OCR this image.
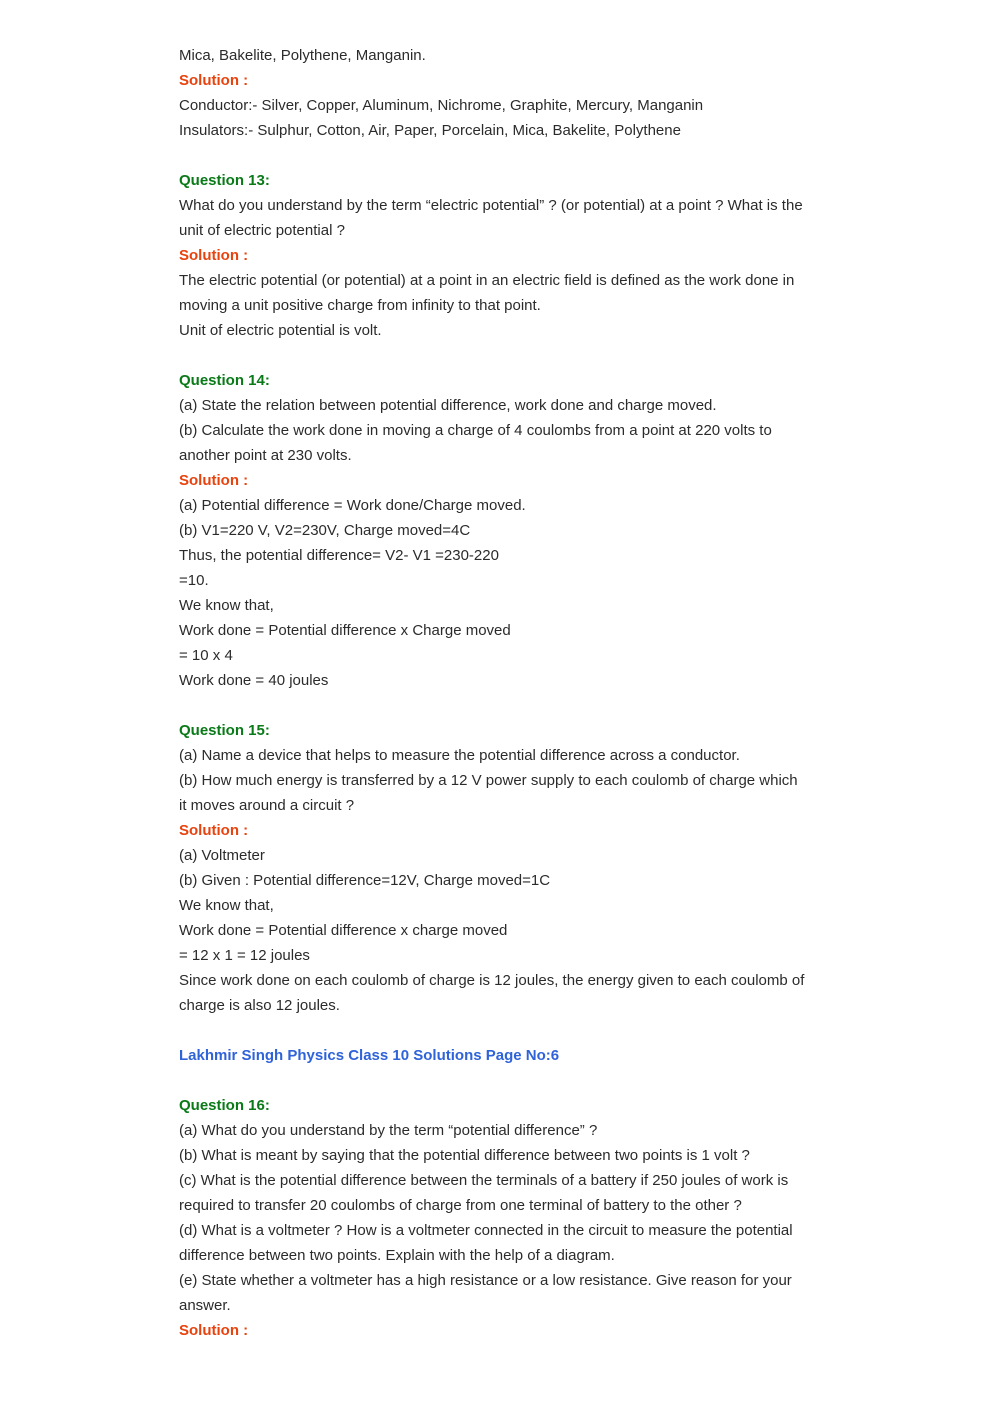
Mica, Bakelite, Polythene, Manganin.

Solution :

Conductor:- Silver, Copper, Aluminum, Nichrome, Graphite, Mercury, Manganin

Insulators:- Sulphur, Cotton, Air, Paper, Porcelain, Mica, Bakelite, Polythene

Question 13:

What do you understand by the term “electric potential” ? (or potential) at a point ? What is the

unit of electric potential ?

Solution :

The electric potential (or potential) at a point in an electric field is defined as the work done in

moving a unit positive charge from infinity to that point.

Unit of electric potential is volt.

Question 14:

(a) State the relation between potential difference, work done and charge moved.

(b) Calculate the work done in moving a charge of 4 coulombs from a point at 220 volts to

another point at 230 volts.

Solution :

(a) Potential difference = Work done/Charge moved.

(b) V1=220 V, V2=230V, Charge moved=4C

Thus, the potential difference= V2- V1 =230-220

=10.

We know that,

Work done = Potential difference x Charge moved

= 10 x 4

Work done = 40 joules

Question 15:

(a) Name a device that helps to measure the potential difference across a conductor.

(b) How much energy is transferred by a 12 V power supply to each coulomb of charge which

it moves around a circuit ?

Solution :

(a) Voltmeter

(b) Given : Potential difference=12V, Charge moved=1C

We know that,

Work done = Potential difference x charge moved

= 12 x 1 = 12 joules

Since work done on each coulomb of charge is 12 joules, the energy given to each coulomb of

charge is also 12 joules.

Lakhmir Singh Physics Class 10 Solutions Page No:6

Question 16:

(a) What do you understand by the term “potential difference” ?

(b) What is meant by saying that the potential difference between two points is 1 volt ?

(c) What is the potential difference between the terminals of a battery if 250 joules of work is

required to transfer 20 coulombs of charge from one terminal of battery to the other ?

(d) What is a voltmeter ? How is a voltmeter connected in the circuit to measure the potential

difference between two points. Explain with the help of a diagram.

(e) State whether a voltmeter has a high resistance or a low resistance. Give reason for your

answer.

Solution :
